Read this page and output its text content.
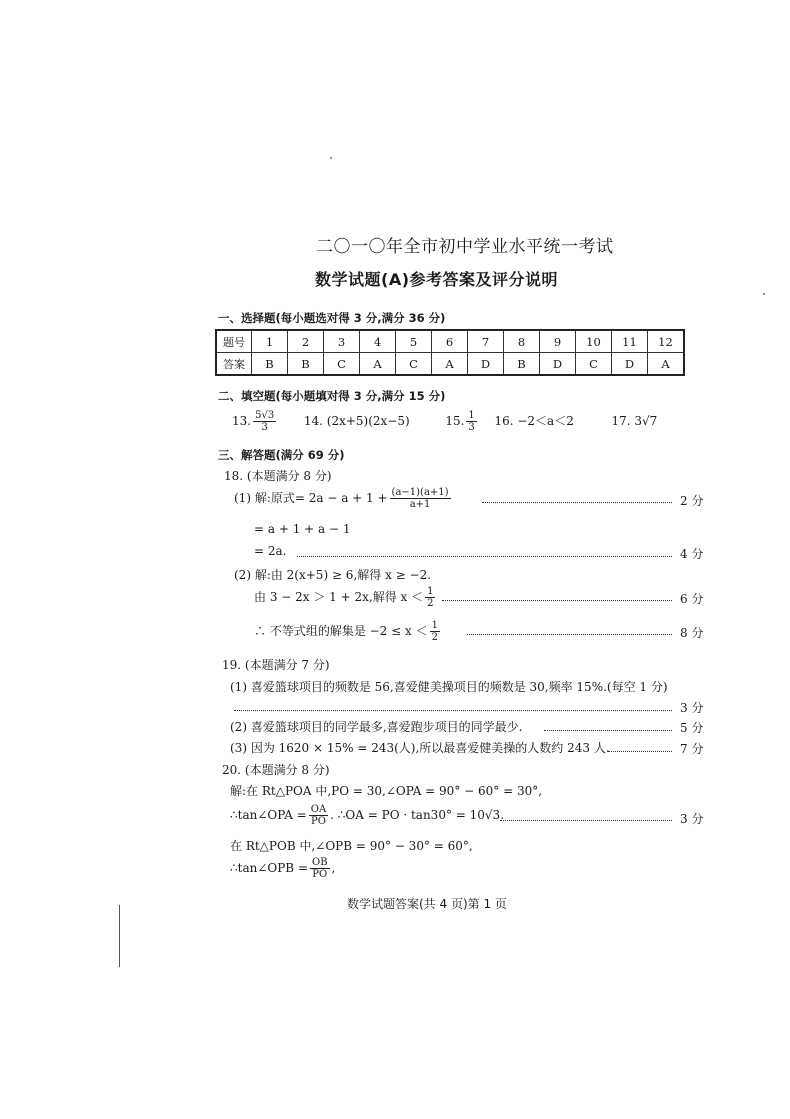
二〇一〇年全市初中学业水平统一考试
数学试题(A)参考答案及评分说明
一、选择题(每小题选对得 3 分,满分 36 分)
题号	1	2	3	4	5	6	7	8	9	10	11	12
答案	B	B	C	A	C	A	D	B	D	C	D	A
二、填空题(每小题填对得 3 分,满分 15 分)
13. $\frac{5√3}{3} 14$. (2x+5)(2x−5)	15. $\frac{1}{3} 16$. −2＜a＜2	17. 3√7
三、解答题(满分 69 分)
18. (本题满分 8 分)
(1) 解:原式= $2a - a + 1 + \frac{(a-1)(a+1)}{a+1}$	2 分
= a + 1 + a − 1
= 2a.	4 分
(2) 解:由 2(x+5) ≥ 6,解得 x ≥ −2.
由 3 − 2x ＞ 1 + 2x,解得 $x < \frac{1}{2}$	6 分
∴ 不等式组的解集是 $-2 \le x < \frac{1}{2}$	8 分
19. (本题满分 7 分)
(1) 喜爱篮球项目的频数是 56,喜爱健美操项目的频数是 30,频率 15%.(每空 1 分)
3 分
(2) 喜爱篮球项目的同学最多,喜爱跑步项目的同学最少.	5 分
(3) 因为 1620 × 15% = 243(人),所以最喜爱健美操的人数约 243 人.	7 分
20. (本题满分 8 分)
解:在 Rt△POA 中,PO = 30,∠OPA = 90° − 60° = 30°,
∴tan∠OPA = $\frac{OA}{PO}$ . ∴OA = PO · tan30° = 10√3.	3 分
在 Rt△POB 中,∠OPB = 90° − 30° = 60°,
∴tan∠OPB = $\frac{OB}{PO}$ ,
数学试题答案(共 4 页)第 1 页
